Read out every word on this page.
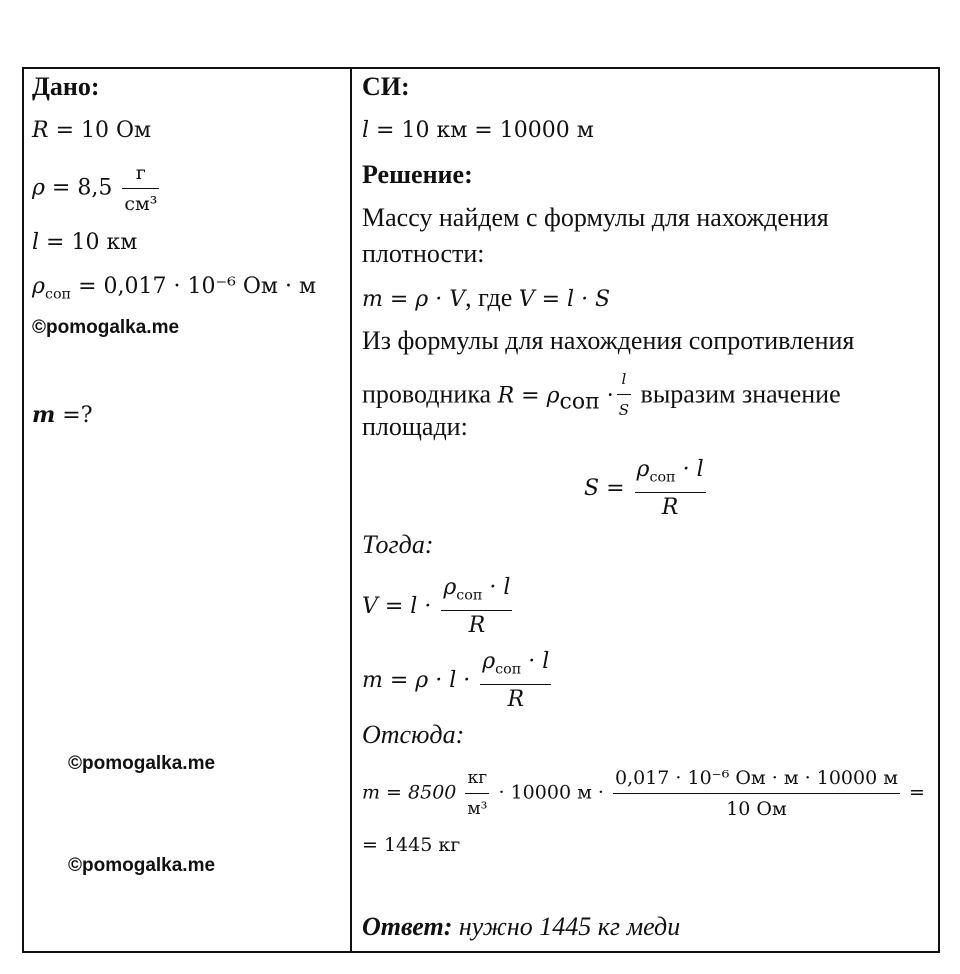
Дано:
R = 10 Ом
$\rho = 8,5 \frac{г}{\text{см³}}$
l = 10 км
$\rho_{соп} = 0,017 \cdot 10^{-6}$ Ом · м
©pomogalka.me
m =?
©pomogalka.me
©pomogalka.me
СИ:
l = 10 км = 10000 м
Решение:
Массу найдем с формулы для нахождения
плотности:
m = ρ · V, где V = l · S
Из формулы для нахождения сопротивления
проводника $R = \rho_{соп} \cdot \frac{l}{S}$ выразим значение
площади:
$S = \frac{\rho_{соп} \cdot l}{R}$
Тогда:
$V = l \cdot \frac{\rho_{соп} \cdot l}{R}$
$m = \rho \cdot l \cdot \frac{\rho_{соп} \cdot l}{R}$
Отсюда:
$m = 8500 \frac{кг}{\text{м³}} \cdot 10000$ $м \cdot \frac{\text{0,017 · 10⁻⁶ Ом · м · 10000 м}}{10 Ом}$ =
= 1445 кг
Ответ: нужно 1445 кг меди
